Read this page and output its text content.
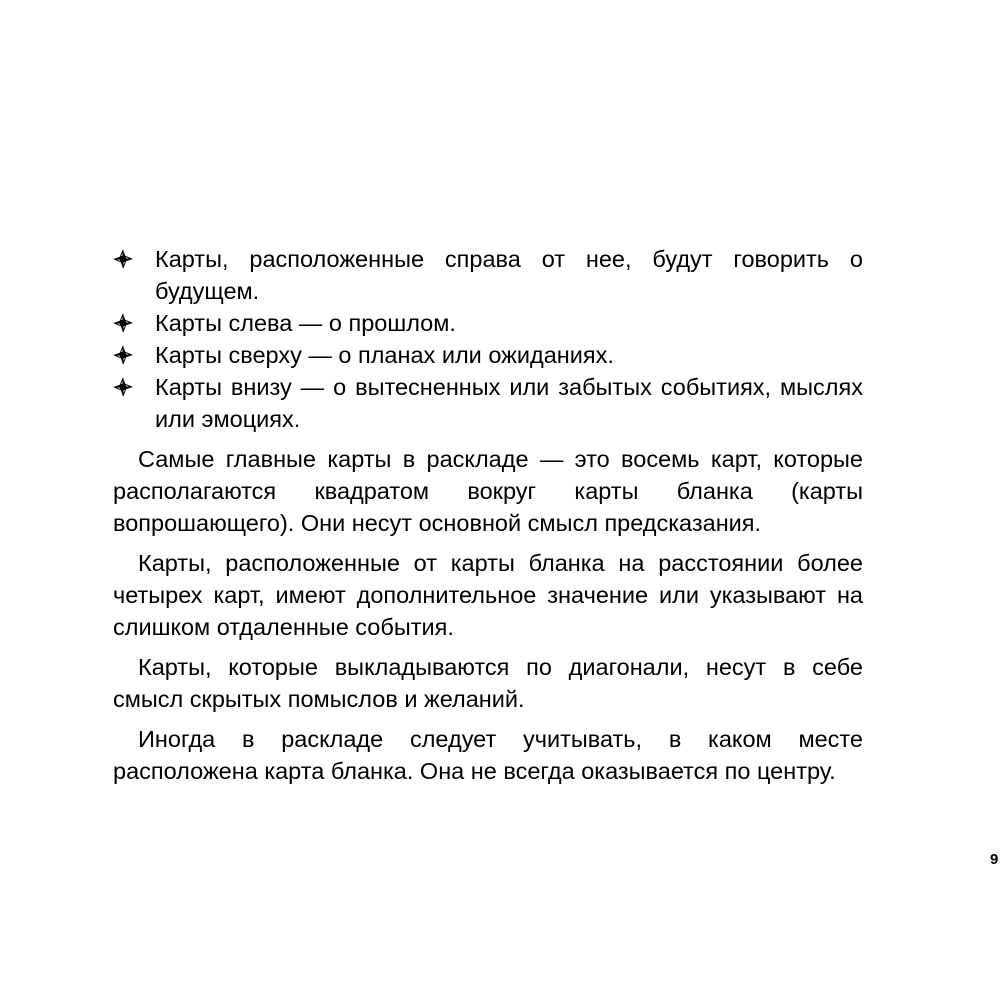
Карты, расположенные справа от нее, будут говорить о будущем.
Карты слева — о прошлом.
Карты сверху — о планах или ожиданиях.
Карты внизу — о вытесненных или забытых событиях, мыслях или эмоциях.

Самые главные карты в раскладе — это восемь карт, которые располагаются квадратом вокруг карты бланка (карты вопрошающего). Они несут основной смысл предсказания.

Карты, расположенные от карты бланка на расстоянии более четырех карт, имеют дополнительное значение или указывают на слишком отдаленные события.

Карты, которые выкладываются по диагонали, несут в себе смысл скрытых помыслов и желаний.

Иногда в раскладе следует учитывать, в каком месте расположена карта бланка. Она не всегда оказывается по центру.

9
